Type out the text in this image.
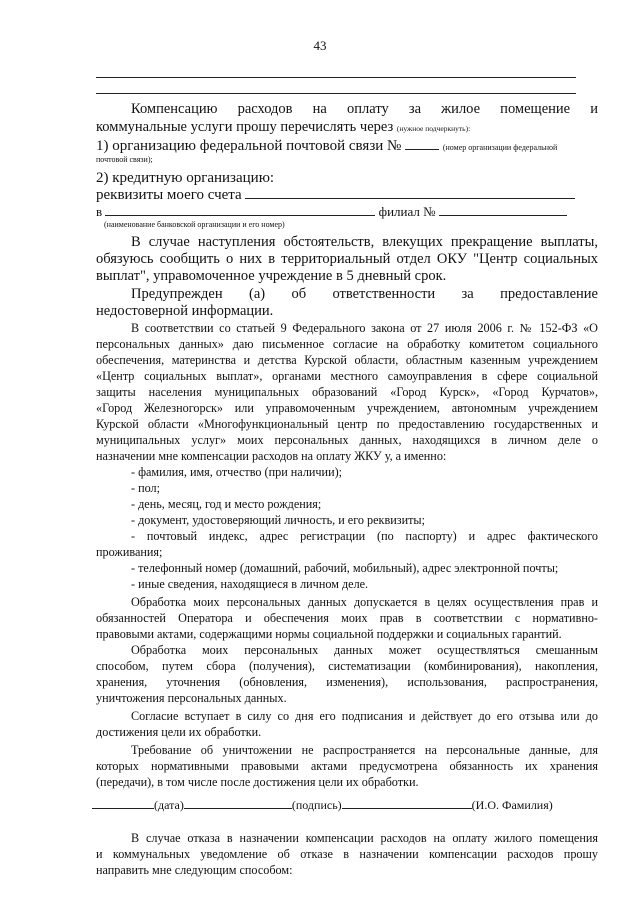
43
Компенсацию расходов на оплату за жилое помещение и
коммунальные услуги прошу перечислять через (нужное подчеркнуть):
1) организацию федеральной почтовой связи №	(номер организации федеральной
почтовой связи);
2) кредитную организацию:
реквизиты моего счета
в	филиал №
(наименование банковской организации и его номер)
В случае наступления обстоятельств, влекущих прекращение выплаты,
обязуюсь сообщить о них в территориальный отдел ОКУ "Центр социальных
выплат", управомоченное учреждение в 5 дневный срок.
Предупрежден (а) об ответственности за предоставление
недостоверной информации.
В соответствии со статьей 9 Федерального закона от 27 июля 2006 г. № 152-ФЗ «О
персональных данных» даю письменное согласие на обработку комитетом социального
обеспечения, материнства и детства Курской области, областным казенным учреждением
«Центр социальных выплат», органами местного самоуправления в сфере социальной
защиты населения муниципальных образований «Город Курск», «Город Курчатов»,
«Город Железногорск» или управомоченным учреждением, автономным учреждением
Курской области «Многофункциональный центр по предоставлению государственных и
муниципальных услуг» моих персональных данных, находящихся в личном деле о
назначении мне компенсации расходов на оплату ЖКУ у, а именно:
- фамилия, имя, отчество (при наличии);
- пол;
- день, месяц, год и место рождения;
- документ, удостоверяющий личность, и его реквизиты;
- почтовый индекс, адрес регистрации (по паспорту) и адрес фактического
проживания;
- телефонный номер (домашний, рабочий, мобильный), адрес электронной почты;
- иные сведения, находящиеся в личном деле.
Обработка моих персональных данных допускается в целях осуществления прав и
обязанностей Оператора и обеспечения моих прав в соответствии с нормативно-
правовыми актами, содержащими нормы социальной поддержки и социальных гарантий.
Обработка моих персональных данных может осуществляться смешанным
способом, путем сбора (получения), систематизации (комбинирования), накопления,
хранения, уточнения (обновления, изменения), использования, распространения,
уничтожения персональных данных.
Согласие вступает в силу со дня его подписания и действует до его отзыва или до
достижения цели их обработки.
Требование об уничтожении не распространяется на персональные данные, для
которых нормативными правовыми актами предусмотрена обязанность их хранения
(передачи), в том числе после достижения цели их обработки.
(дата)	(подпись)	(И.О. Фамилия)
В случае отказа в назначении компенсации расходов на оплату жилого помещения
и коммунальных уведомление об отказе в назначении компенсации расходов прошу
направить мне следующим способом:
